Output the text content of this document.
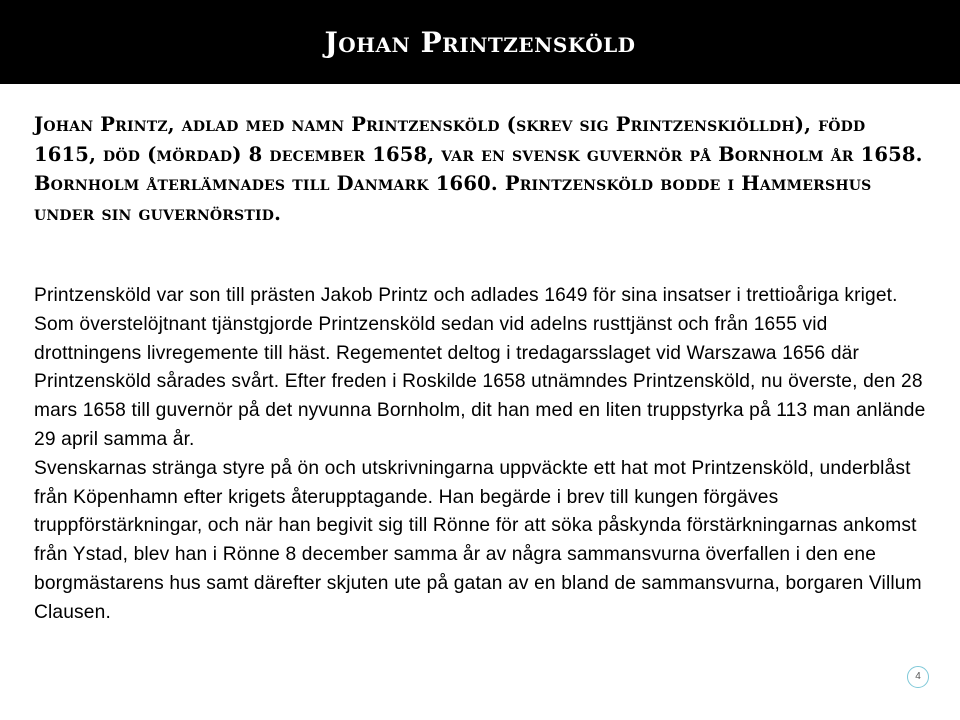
Johan Printzensköld

Johan Printz, adlad med namn Printzensköld (skrev sig Printzenskiölldh), född 1615, död (mördad) 8 december 1658, var en svensk guvernör på Bornholm år 1658. Bornholm återlämnades till Danmark 1660. Printzensköld bodde i Hammershus under sin guvernörstid.

Printzensköld var son till prästen Jakob Printz och adlades 1649 för sina insatser i trettioåriga kriget. Som överstelöjtnant tjänstgjorde Printzensköld sedan vid adelns rusttjänst och från 1655 vid drottningens livregemente till häst. Regementet deltog i tredagarsslaget vid Warszawa 1656 där Printzensköld sårades svårt. Efter freden i Roskilde 1658 utnämndes Printzensköld, nu överste, den 28 mars 1658 till guvernör på det nyvunna Bornholm, dit han med en liten truppstyrka på 113 man anlände 29 april samma år.

Svenskarnas stränga styre på ön och utskrivningarna uppväckte ett hat mot Printzensköld, underblåst från Köpenhamn efter krigets återupptagande. Han begärde i brev till kungen förgäves truppförstärkningar, och när han begivit sig till Rönne för att söka påskynda förstärkningarnas ankomst från Ystad, blev han i Rönne 8 december samma år av några sammansvurna överfallen i den ene borgmästarens hus samt därefter skjuten ute på gatan av en bland de sammansvurna, borgaren Villum Clausen.

4
